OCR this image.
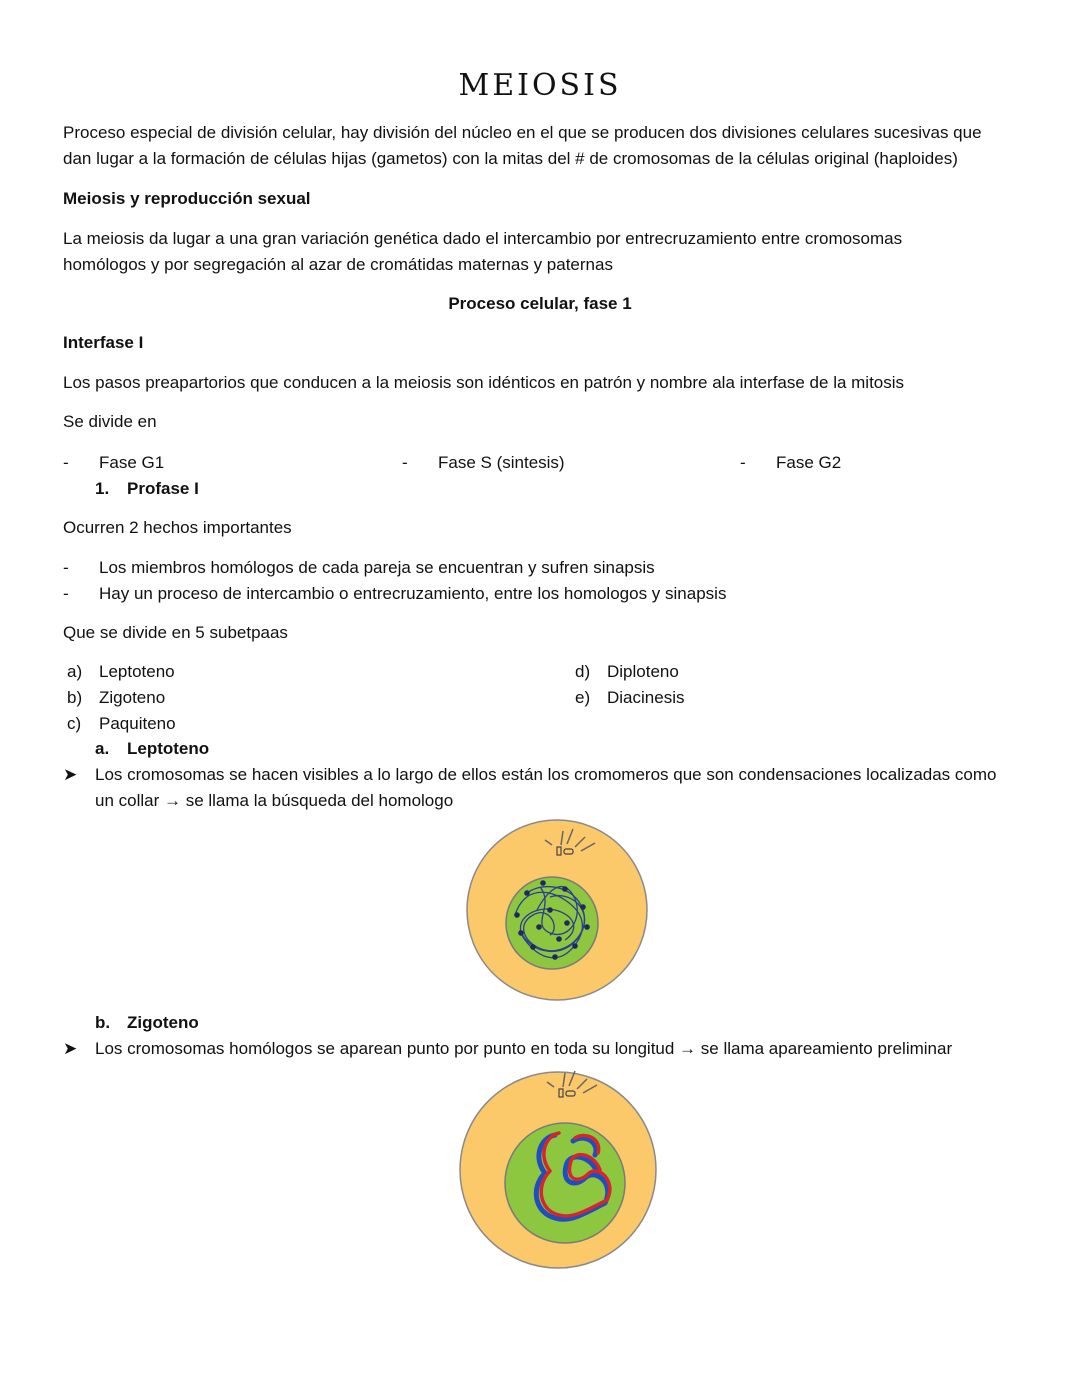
MEIOSIS
Proceso especial de división celular, hay división del núcleo en el que se producen dos divisiones celulares sucesivas que
dan lugar a la formación de células hijas (gametos) con la mitas del # de cromosomas de la células original (haploides)
Meiosis y reproducción sexual
La meiosis da lugar a una gran variación genética dado el intercambio por entrecruzamiento entre cromosomas
homólogos y por segregación al azar de cromátidas maternas y paternas
Proceso celular, fase 1
Interfase I
Los pasos preapartorios que conducen a la meiosis son idénticos en patrón y nombre ala interfase de la mitosis
Se divide en
- Fase G1	- Fase S (sintesis)	- Fase G2
1. Profase I
Ocurren 2 hechos importantes
- Los miembros homólogos de cada pareja se encuentran y sufren sinapsis
- Hay un proceso de intercambio o entrecruzamiento, entre los homologos y sinapsis
Que se divide en 5 subetpaas
a) Leptoteno
b) Zigoteno
c) Paquiteno
d) Diploteno
e) Diacinesis
a. Leptoteno
➤ Los cromosomas se hacen visibles a lo largo de ellos están los cromomeros que son condensaciones localizadas como
un collar → se llama la búsqueda del homologo
b. Zigoteno
➤ Los cromosomas homólogos se aparean punto por punto en toda su longitud → se llama apareamiento preliminar
